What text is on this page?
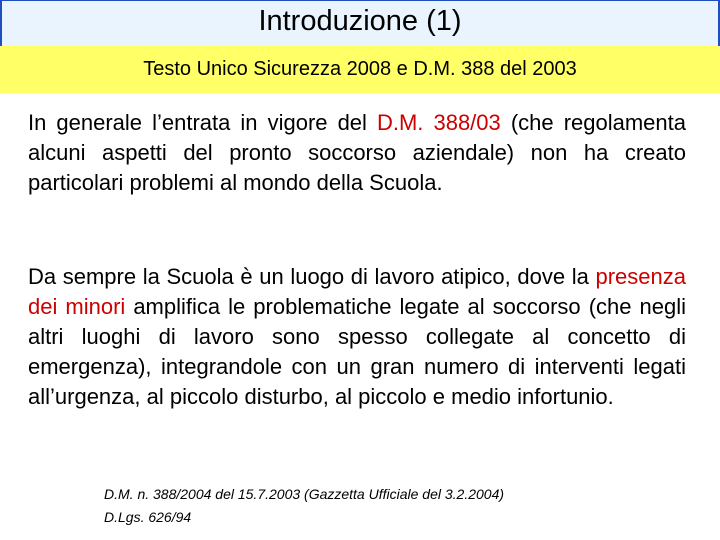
Introduzione (1)
Testo Unico Sicurezza 2008 e D.M. 388 del 2003
In generale l’entrata in vigore del D.M. 388/03 (che regolamenta alcuni aspetti del pronto soccorso aziendale) non ha creato particolari problemi al mondo della Scuola.
Da sempre la Scuola è un luogo di lavoro atipico, dove la presenza dei minori amplifica le problematiche legate al soccorso (che negli altri luoghi di lavoro sono spesso collegate al concetto di emergenza), integrandole con un gran numero di interventi legati all’urgenza, al piccolo disturbo, al piccolo e medio infortunio.
D.M. n. 388/2004 del 15.7.2003 (Gazzetta Ufficiale del 3.2.2004)
D.Lgs. 626/94
